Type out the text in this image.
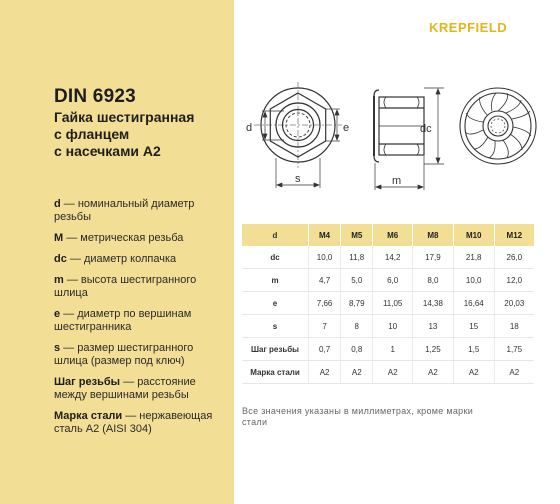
DIN 6923
Гайка шестигранная
с фланцем
с насечками А2
d — номинальный диаметр резьбы
M — метрическая резьба
dc — диаметр колпачка
m — высота шестигранного шлица
e — диаметр по вершинам шестигранника
s — размер шестигранного шлица (размер под ключ)
Шаг резьбы — расстояние между вершинами резьбы
Марка стали — нержавеющая сталь А2 (AISI 304)
KREPFIELD
d	e
s
dc
m
d	M4	M5	M6	M8	M10	M12
dc	10,0	11,8	14,2	17,9	21,8	26,0
m	4,7	5,0	6,0	8,0	10,0	12,0
e	7,66	8,79	11,05	14,38	16,64	20,03
s	7	8	10	13	15	18
Шаг резьбы	0,7	0,8	1	1,25	1,5	1,75
Марка стали	A2	A2	A2	A2	A2	A2
Все значения указаны в миллиметрах, кроме марки стали
